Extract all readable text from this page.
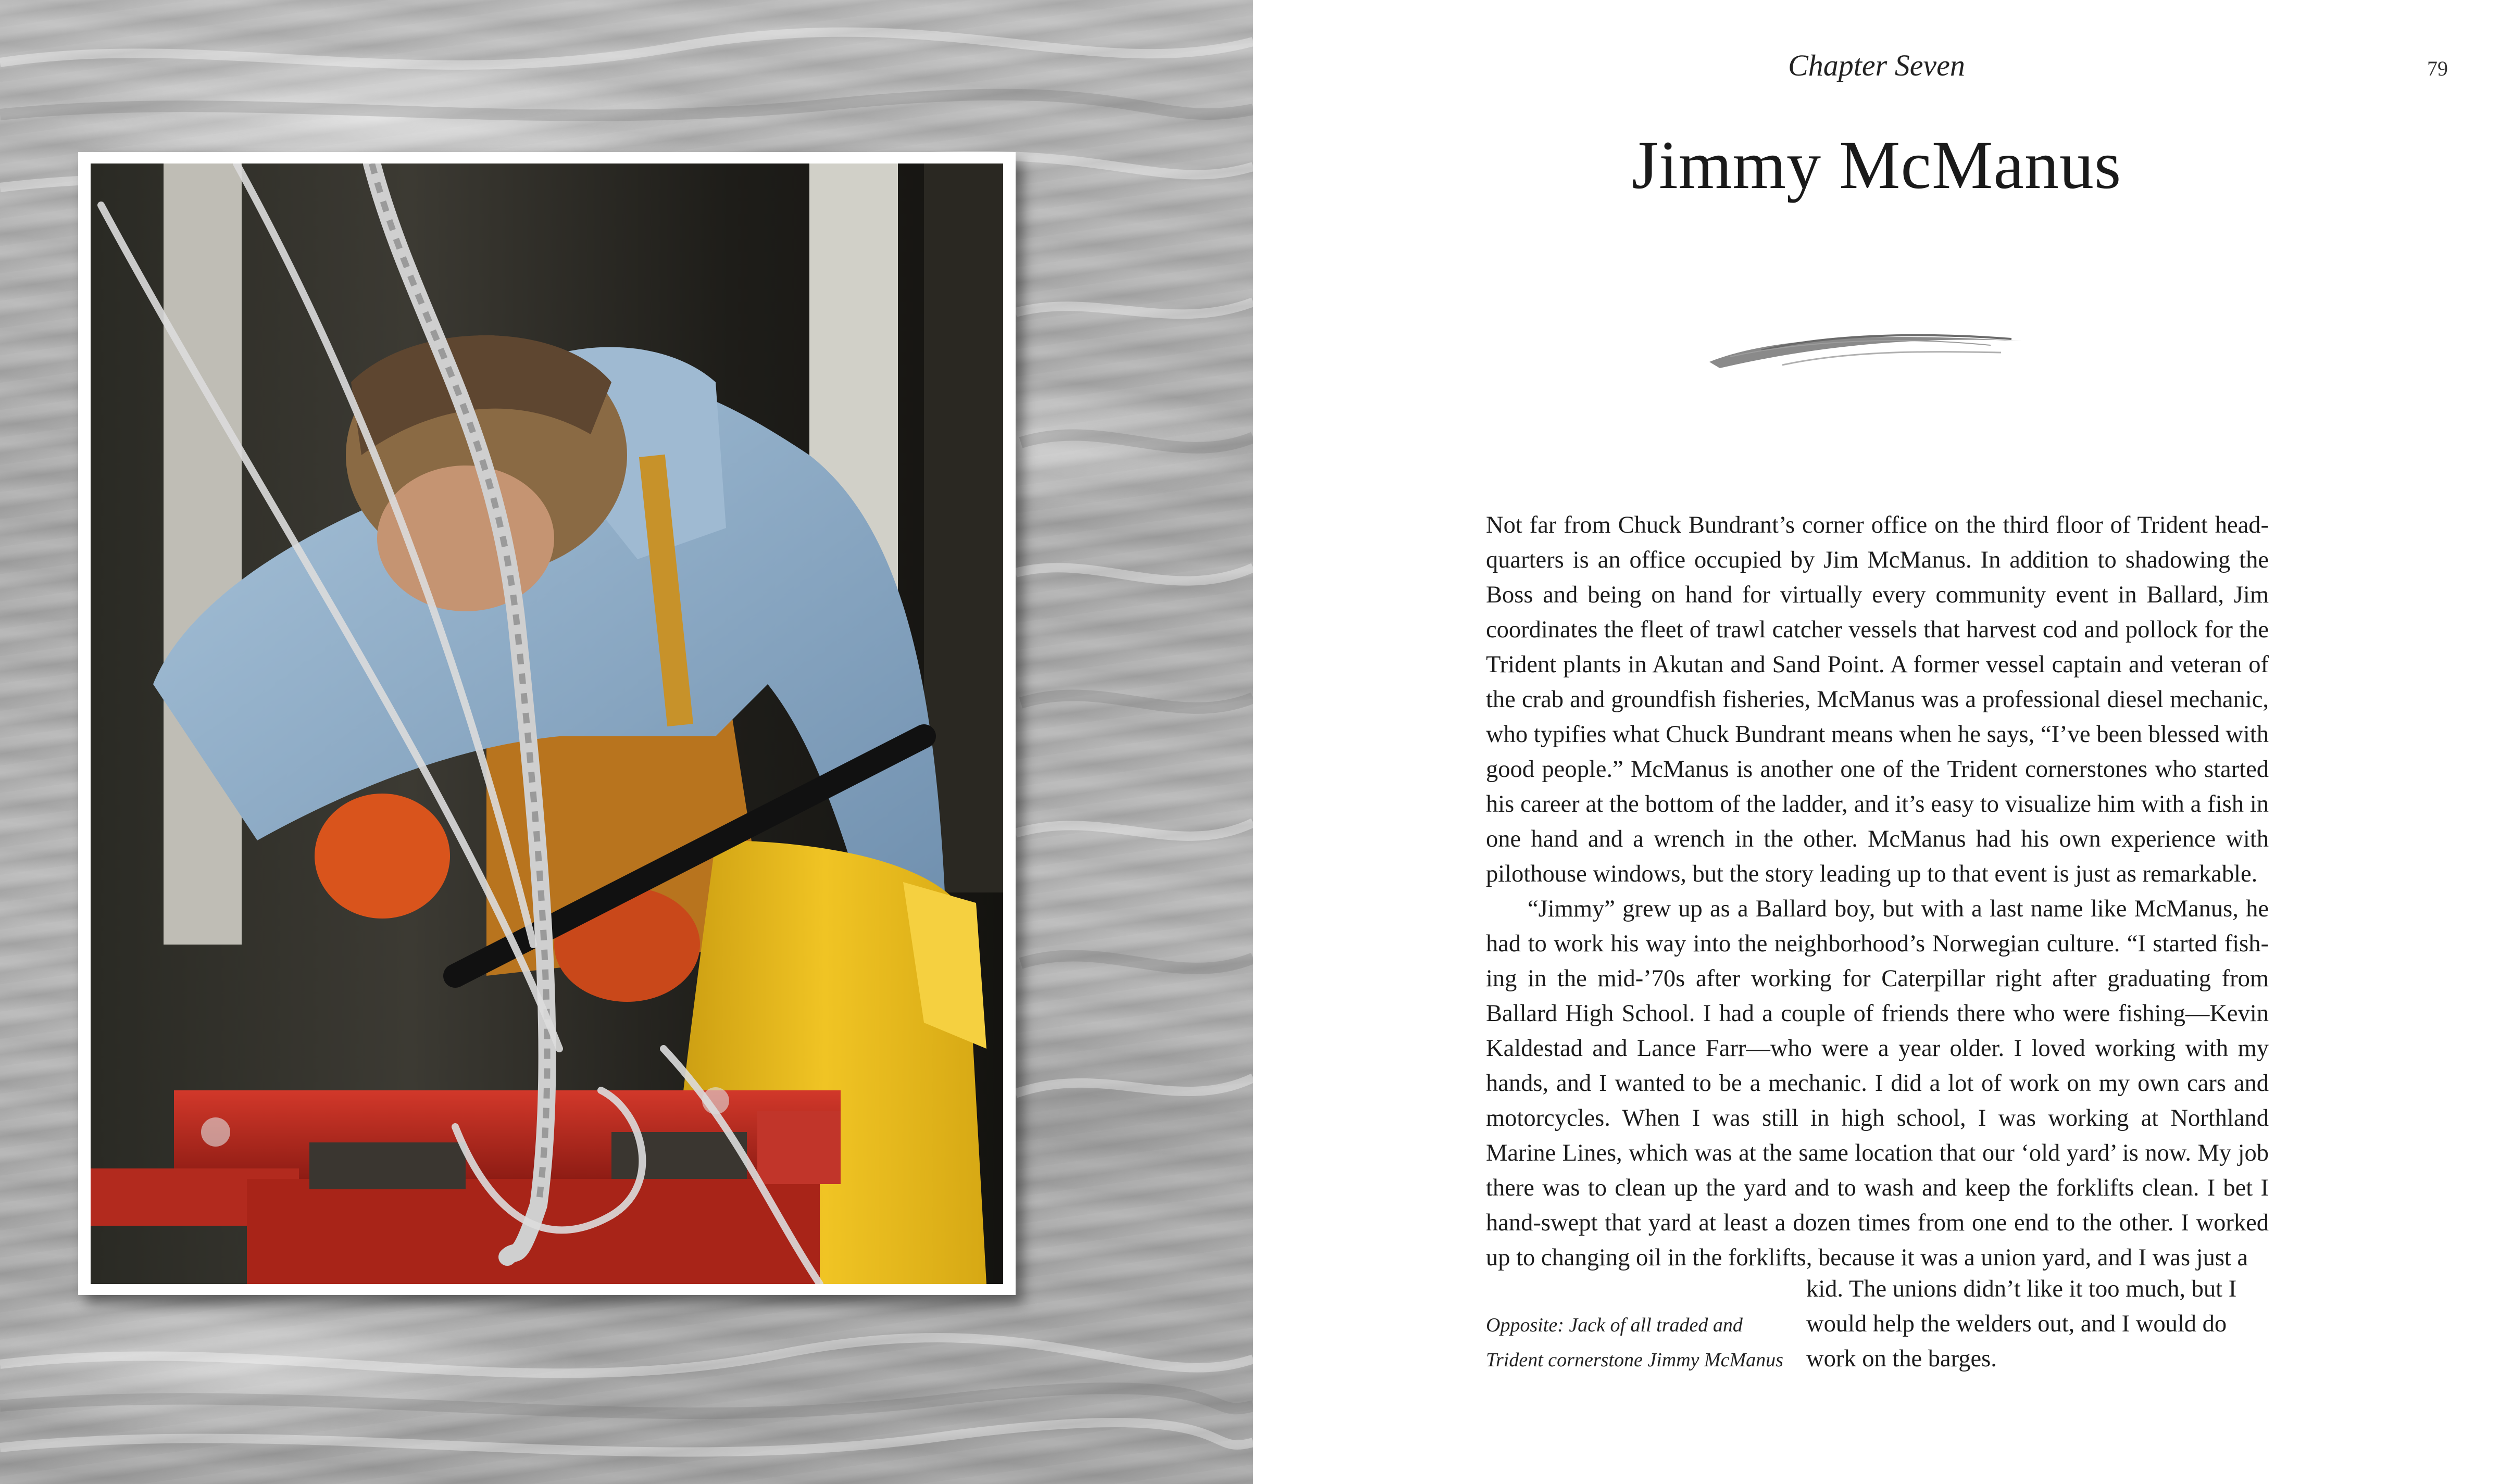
Chapter Seven	79
Jimmy McManus

Not far from Chuck Bundrant’s corner office on the third floor of Trident headquarters is an office occupied by Jim McManus. In addition to shadowing the Boss and being on hand for virtually every community event in Ballard, Jim coordinates the fleet of trawl catcher vessels that harvest cod and pollock for the Trident plants in Akutan and Sand Point. A former vessel captain and veteran of the crab and groundfish fisheries, McManus was a professional diesel mechanic, who typifies what Chuck Bundrant means when he says, “I’ve been blessed with good people.” McManus is another one of the Trident cornerstones who started his career at the bottom of the ladder, and it’s easy to visualize him with a fish in one hand and a wrench in the other. McManus had his own experience with pilothouse windows, but the story leading up to that event is just as remarkable.

“Jimmy” grew up as a Ballard boy, but with a last name like McManus, he had to work his way into the neighborhood’s Norwegian culture. “I started fishing in the mid-’70s after working for Caterpillar right after graduating from Ballard High School. I had a couple of friends there who were fishing—Kevin Kaldestad and Lance Farr—who were a year older. I loved working with my hands, and I wanted to be a mechanic. I did a lot of work on my own cars and motorcycles. When I was still in high school, I was working at Northland Marine Lines, which was at the same location that our ‘old yard’ is now. My job there was to clean up the yard and to wash and keep the forklifts clean. I bet I hand-swept that yard at least a dozen times from one end to the other. I worked up to changing oil in the forklifts, because it was a union yard, and I was just a

Opposite: Jack of all traded and
Trident cornerstone Jimmy McManus
kid. The unions didn’t like it too much, but I
would help the welders out, and I would do
work on the barges.
